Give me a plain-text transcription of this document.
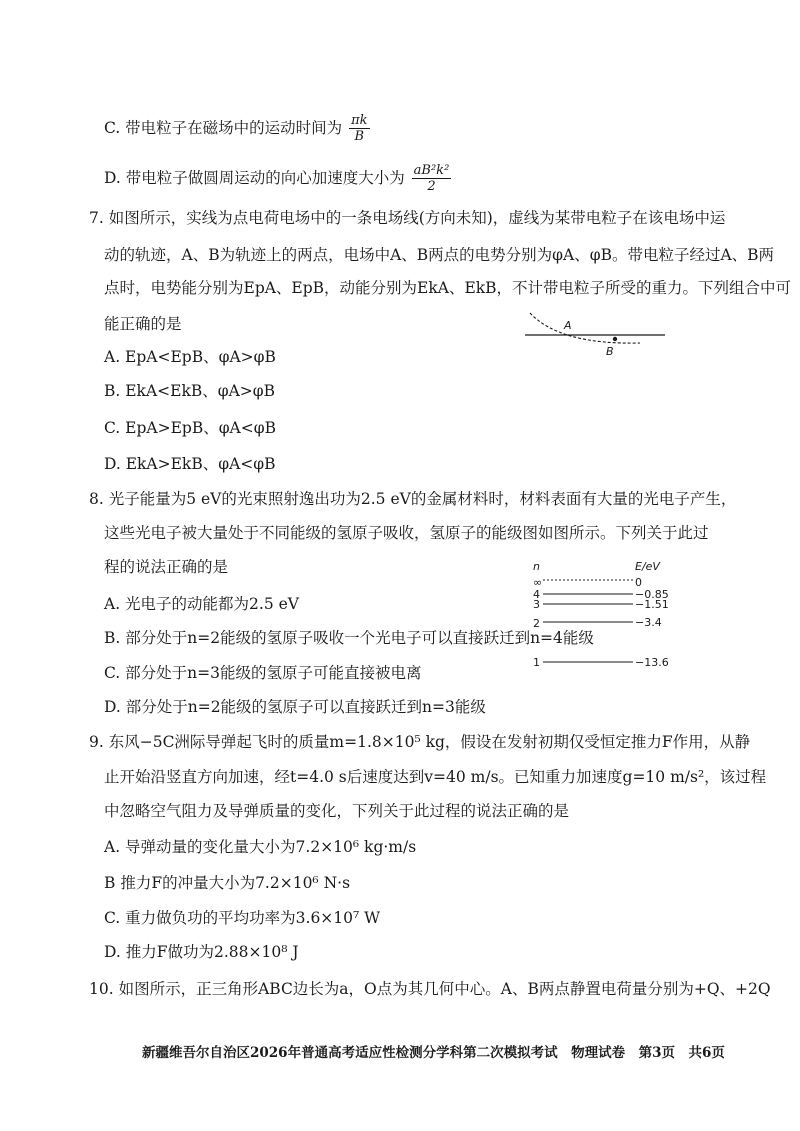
C. 带电粒子在磁场中的运动时间为 $\frac{\pi k}{B}$
D. 带电粒子做圆周运动的向心加速度大小为 $\frac{\text{aB²k²}}{2}$
7. 如图所示，实线为点电荷电场中的一条电场线(方向未知)，虚线为某带电粒子在该电场中运
动的轨迹，A、B为轨迹上的两点，电场中A、B两点的电势分别为φA、φB。带电粒子经过A、B两
点时，电势能分别为EpA、EpB，动能分别为EkA、EkB，不计带电粒子所受的重力。下列组合中可
能正确的是	A
B
A. EpA<EpB、φA>φB
B. EkA<EkB、φA>φB
C. EpA>EpB、φA<φB
D. EkA>EkB、φA<φB
8. 光子能量为5 eV的光束照射逸出功为2.5 eV的金属材料时，材料表面有大量的光电子产生，
这些光电子被大量处于不同能级的氢原子吸收，氢原子的能级图如图所示。下列关于此过
程的说法正确的是	n	E/eV
∞	0
4	−0.85
3	−1.51
2	−3.4
1	−13.6
A. 光电子的动能都为2.5 eV
B. 部分处于n=2能级的氢原子吸收一个光电子可以直接跃迁到n=4能级
C. 部分处于n=3能级的氢原子可能直接被电离
D. 部分处于n=2能级的氢原子可以直接跃迁到n=3能级
9. 东风−5C洲际导弹起飞时的质量m=1.8×10⁵ kg，假设在发射初期仅受恒定推力F作用，从静
止开始沿竖直方向加速，经t=4.0 s后速度达到v=40 m/s。已知重力加速度g=10 m/s²，该过程
中忽略空气阻力及导弹质量的变化，下列关于此过程的说法正确的是
A. 导弹动量的变化量大小为7.2×10⁶ kg·m/s
B 推力F的冲量大小为7.2×10⁶ N·s
C. 重力做负功的平均功率为3.6×10⁷ W
D. 推力F做功为2.88×10⁸ J
10. 如图所示，正三角形ABC边长为a，O点为其几何中心。A、B两点静置电荷量分别为+Q、+2Q
新疆维吾尔自治区2026年普通高考适应性检测分学科第二次模拟考试　物理试卷　第3页　共6页
